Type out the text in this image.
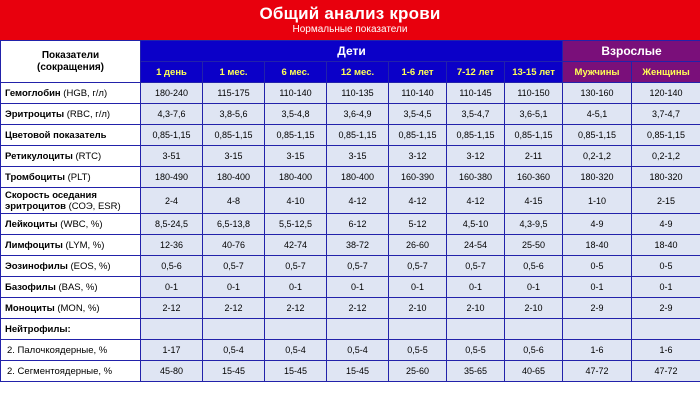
Общий анализ крови
Нормальные показатели
Показатели
(сокращения)	Дети							Взрослые	
	1 день	1 мес.	6 мес.	12 мес.	1-6 лет	7-12 лет	13-15 лет	Мужчины	Женщины
Гемоглобин (HGB, г/л)	180-240	115-175	110-140	110-135	110-140	110-145	110-150	130-160	120-140
Эритроциты (RBC, г/л)	4,3-7,6	3,8-5,6	3,5-4,8	3,6-4,9	3,5-4,5	3,5-4,7	3,6-5,1	4-5,1	3,7-4,7
Цветовой показатель	0,85-1,15	0,85-1,15	0,85-1,15	0,85-1,15	0,85-1,15	0,85-1,15	0,85-1,15	0,85-1,15	0,85-1,15
Ретикулоциты (RTC)	3-51	3-15	3-15	3-15	3-12	3-12	2-11	0,2-1,2	0,2-1,2
Тромбоциты (PLT)	180-490	180-400	180-400	180-400	160-390	160-380	160-360	180-320	180-320
Скорость оседания эритроцитов (СОЭ, ESR)	2-4	4-8	4-10	4-12	4-12	4-12	4-15	1-10	2-15
Лейкоциты (WBC, %)	8,5-24,5	6,5-13,8	5,5-12,5	6-12	5-12	4,5-10	4,3-9,5	4-9	4-9
Лимфоциты (LYM, %)	12-36	40-76	42-74	38-72	26-60	24-54	25-50	18-40	18-40
Эозинофилы (EOS, %)	0,5-6	0,5-7	0,5-7	0,5-7	0,5-7	0,5-7	0,5-6	0-5	0-5
Базофилы (BAS, %)	0-1	0-1	0-1	0-1	0-1	0-1	0-1	0-1	0-1
Моноциты (MON, %)	2-12	2-12	2-12	2-12	2-10	2-10	2-10	2-9	2-9
Нейтрофилы:									
2. Палочкоядерные, %	1-17	0,5-4	0,5-4	0,5-4	0,5-5	0,5-5	0,5-6	1-6	1-6
2. Сегментоядерные, %	45-80	15-45	15-45	15-45	25-60	35-65	40-65	47-72	47-72
